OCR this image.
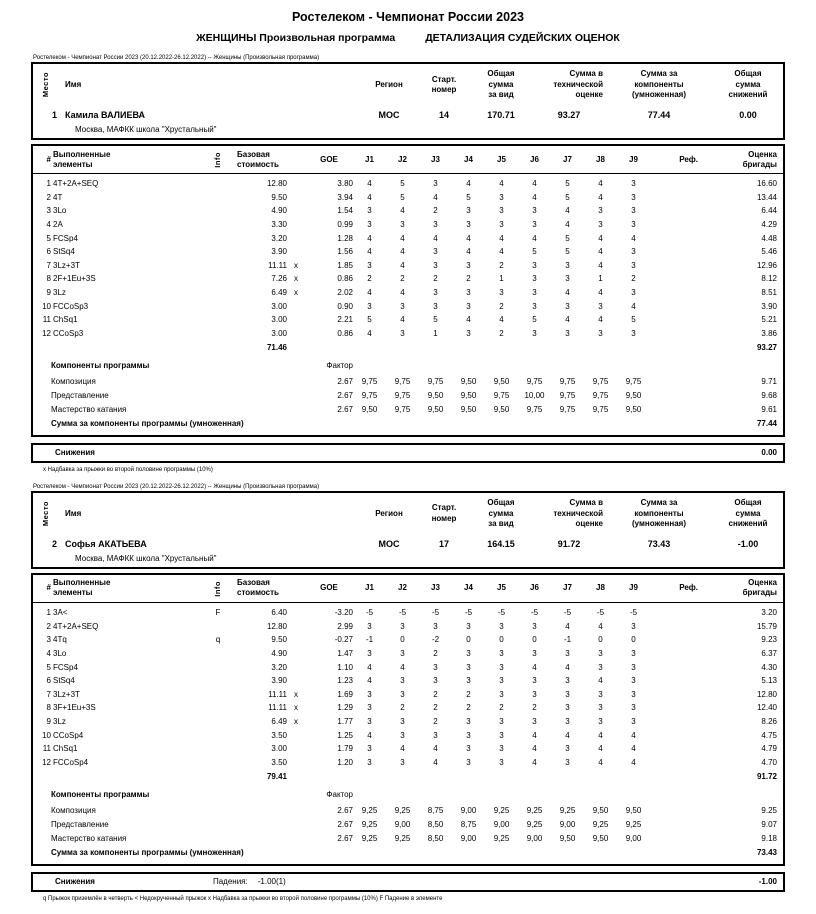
Ростелеком - Чемпионат России 2023
ЖЕНЩИНЫ Произвольная программа	ДЕТАЛИЗАЦИЯ СУДЕЙСКИХ ОЦЕНОК
Ростелеком - Чемпионат России 2023 (20.12.2022-26.12.2022) -- Женщины (Произвольная программа)
Место	Имя	Регион
Старт.
номер
Общая
сумма
за вид
Сумма в
технической
оценке
Сумма за
компоненты
(умноженная)
Общая
сумма
снижений
1 Камила ВАЛИЕВА	МОС	14	170.71	93.27	77.44	0.00
Москва, МАФКК школа "Хрустальный"
#
Выполненные
элементы	Info Базовая
стоимость
GOE	J1	J2	J3	J4	J5	J6	J7	J8	J9	Реф.
Оценка
бригады
1 4T+2A+SEQ	12.80	3.80	4	5	3	4	4	4	5	4	3	16.60
2 4T	9.50	3.94	4	5	4	5	3	4	5	4	3	13.44
3 3Lo	4.90	1.54	3	4	2	3	3	3	4	3	3	6.44
4 2A	3.30	0.99	3	3	3	3	3	3	4	3	3	4.29
5 FCSp4	3.20	1.28	4	4	4	4	4	4	5	4	4	4.48
6 StSq4	3.90	1.56	4	4	3	4	4	5	5	4	3	5.46
7 3Lz+3T	11.11 x	1.85	3	4	3	3	2	3	3	4	3	12.96
8 2F+1Eu+3S	7.26 x	0.86	2	2	2	2	1	3	3	1	2	8.12
9 3Lz	6.49 x	2.02	4	4	3	3	3	3	4	4	3	8.51
10 FCCoSp3	3.00	0.90	3	3	3	3	2	3	3	3	4	3.90
11 ChSq1	3.00	2.21	5	4	5	4	4	5	4	4	5	5.21
12 CCoSp3	3.00	0.86	4	3	1	3	2	3	3	3	3	3.86
71.46	93.27
Компоненты программы	Фактор
Композиция	2.67	9,75	9,75	9,75	9,50	9,50	9,75	9,75	9,75	9,75	9.71
Представление	2.67	9,75	9,75	9,50	9,50	9,75	10,00	9,75	9,75	9,50	9.68
Мастерство катания	2.67	9,50	9,75	9,50	9,50	9,50	9,75	9,75	9,75	9,50	9.61
Сумма за компоненты программы (умноженная)	77.44
Снижения	0.00
x Надбавка за прыжки во второй половине программы (10%)
Ростелеком - Чемпионат России 2023 (20.12.2022-26.12.2022) -- Женщины (Произвольная программа)
Место	Имя	Регион
Старт.
номер
Общая
сумма
за вид
Сумма в
технической
оценке
Сумма за
компоненты
(умноженная)
Общая
сумма
снижений
2 Софья АКАТЬЕВА	МОС	17	164.15	91.72	73.43	-1.00
Москва, МАФКК школа "Хрустальный"
#
Выполненные
элементы	Info Базовая
стоимость
GOE	J1	J2	J3	J4	J5	J6	J7	J8	J9	Реф.
Оценка
бригады
1 3A<	F	6.40	-3.20	-5	-5	-5	-5	-5	-5	-5	-5	-5	3.20
2 4T+2A+SEQ	12.80	2.99	3	3	3	3	3	3	4	4	3	15.79
3 4Tq	q	9.50	-0.27	-1	0	-2	0	0	0	-1	0	0	9.23
4 3Lo	4.90	1.47	3	3	2	3	3	3	3	3	3	6.37
5 FCSp4	3.20	1.10	4	4	3	3	3	4	4	3	3	4.30
6 StSq4	3.90	1.23	4	3	3	3	3	3	3	4	3	5.13
7 3Lz+3T	11.11 x	1.69	3	3	2	2	3	3	3	3	3	12.80
8 3F+1Eu+3S	11.11 x	1.29	3	2	2	2	2	2	3	3	3	12.40
9 3Lz	6.49 x	1.77	3	3	2	3	3	3	3	3	3	8.26
10 CCoSp4	3.50	1.25	4	3	3	3	3	4	4	4	4	4.75
11 ChSq1	3.00	1.79	3	4	4	3	3	4	3	4	4	4.79
12 FCCoSp4	3.50	1.20	3	3	4	3	3	4	3	4	4	4.70
79.41	91.72
Компоненты программы	Фактор
Композиция	2.67	9,25	9,25	8,75	9,00	9,25	9,25	9,25	9,50	9,50	9.25
Представление	2.67	9,25	9,00	8,50	8,75	9,00	9,25	9,00	9,25	9,25	9.07
Мастерство катания	2.67	9,25	9,25	8,50	9,00	9,25	9,00	9,50	9,50	9,00	9.18
Сумма за компоненты программы (умноженная)	73.43
Снижения	Падения: -1.00(1)	-1.00
q Прыжок приземлён в четверть < Недокрученный прыжок x Надбавка за прыжки во второй половине программы (10%) F Падение в элементе
